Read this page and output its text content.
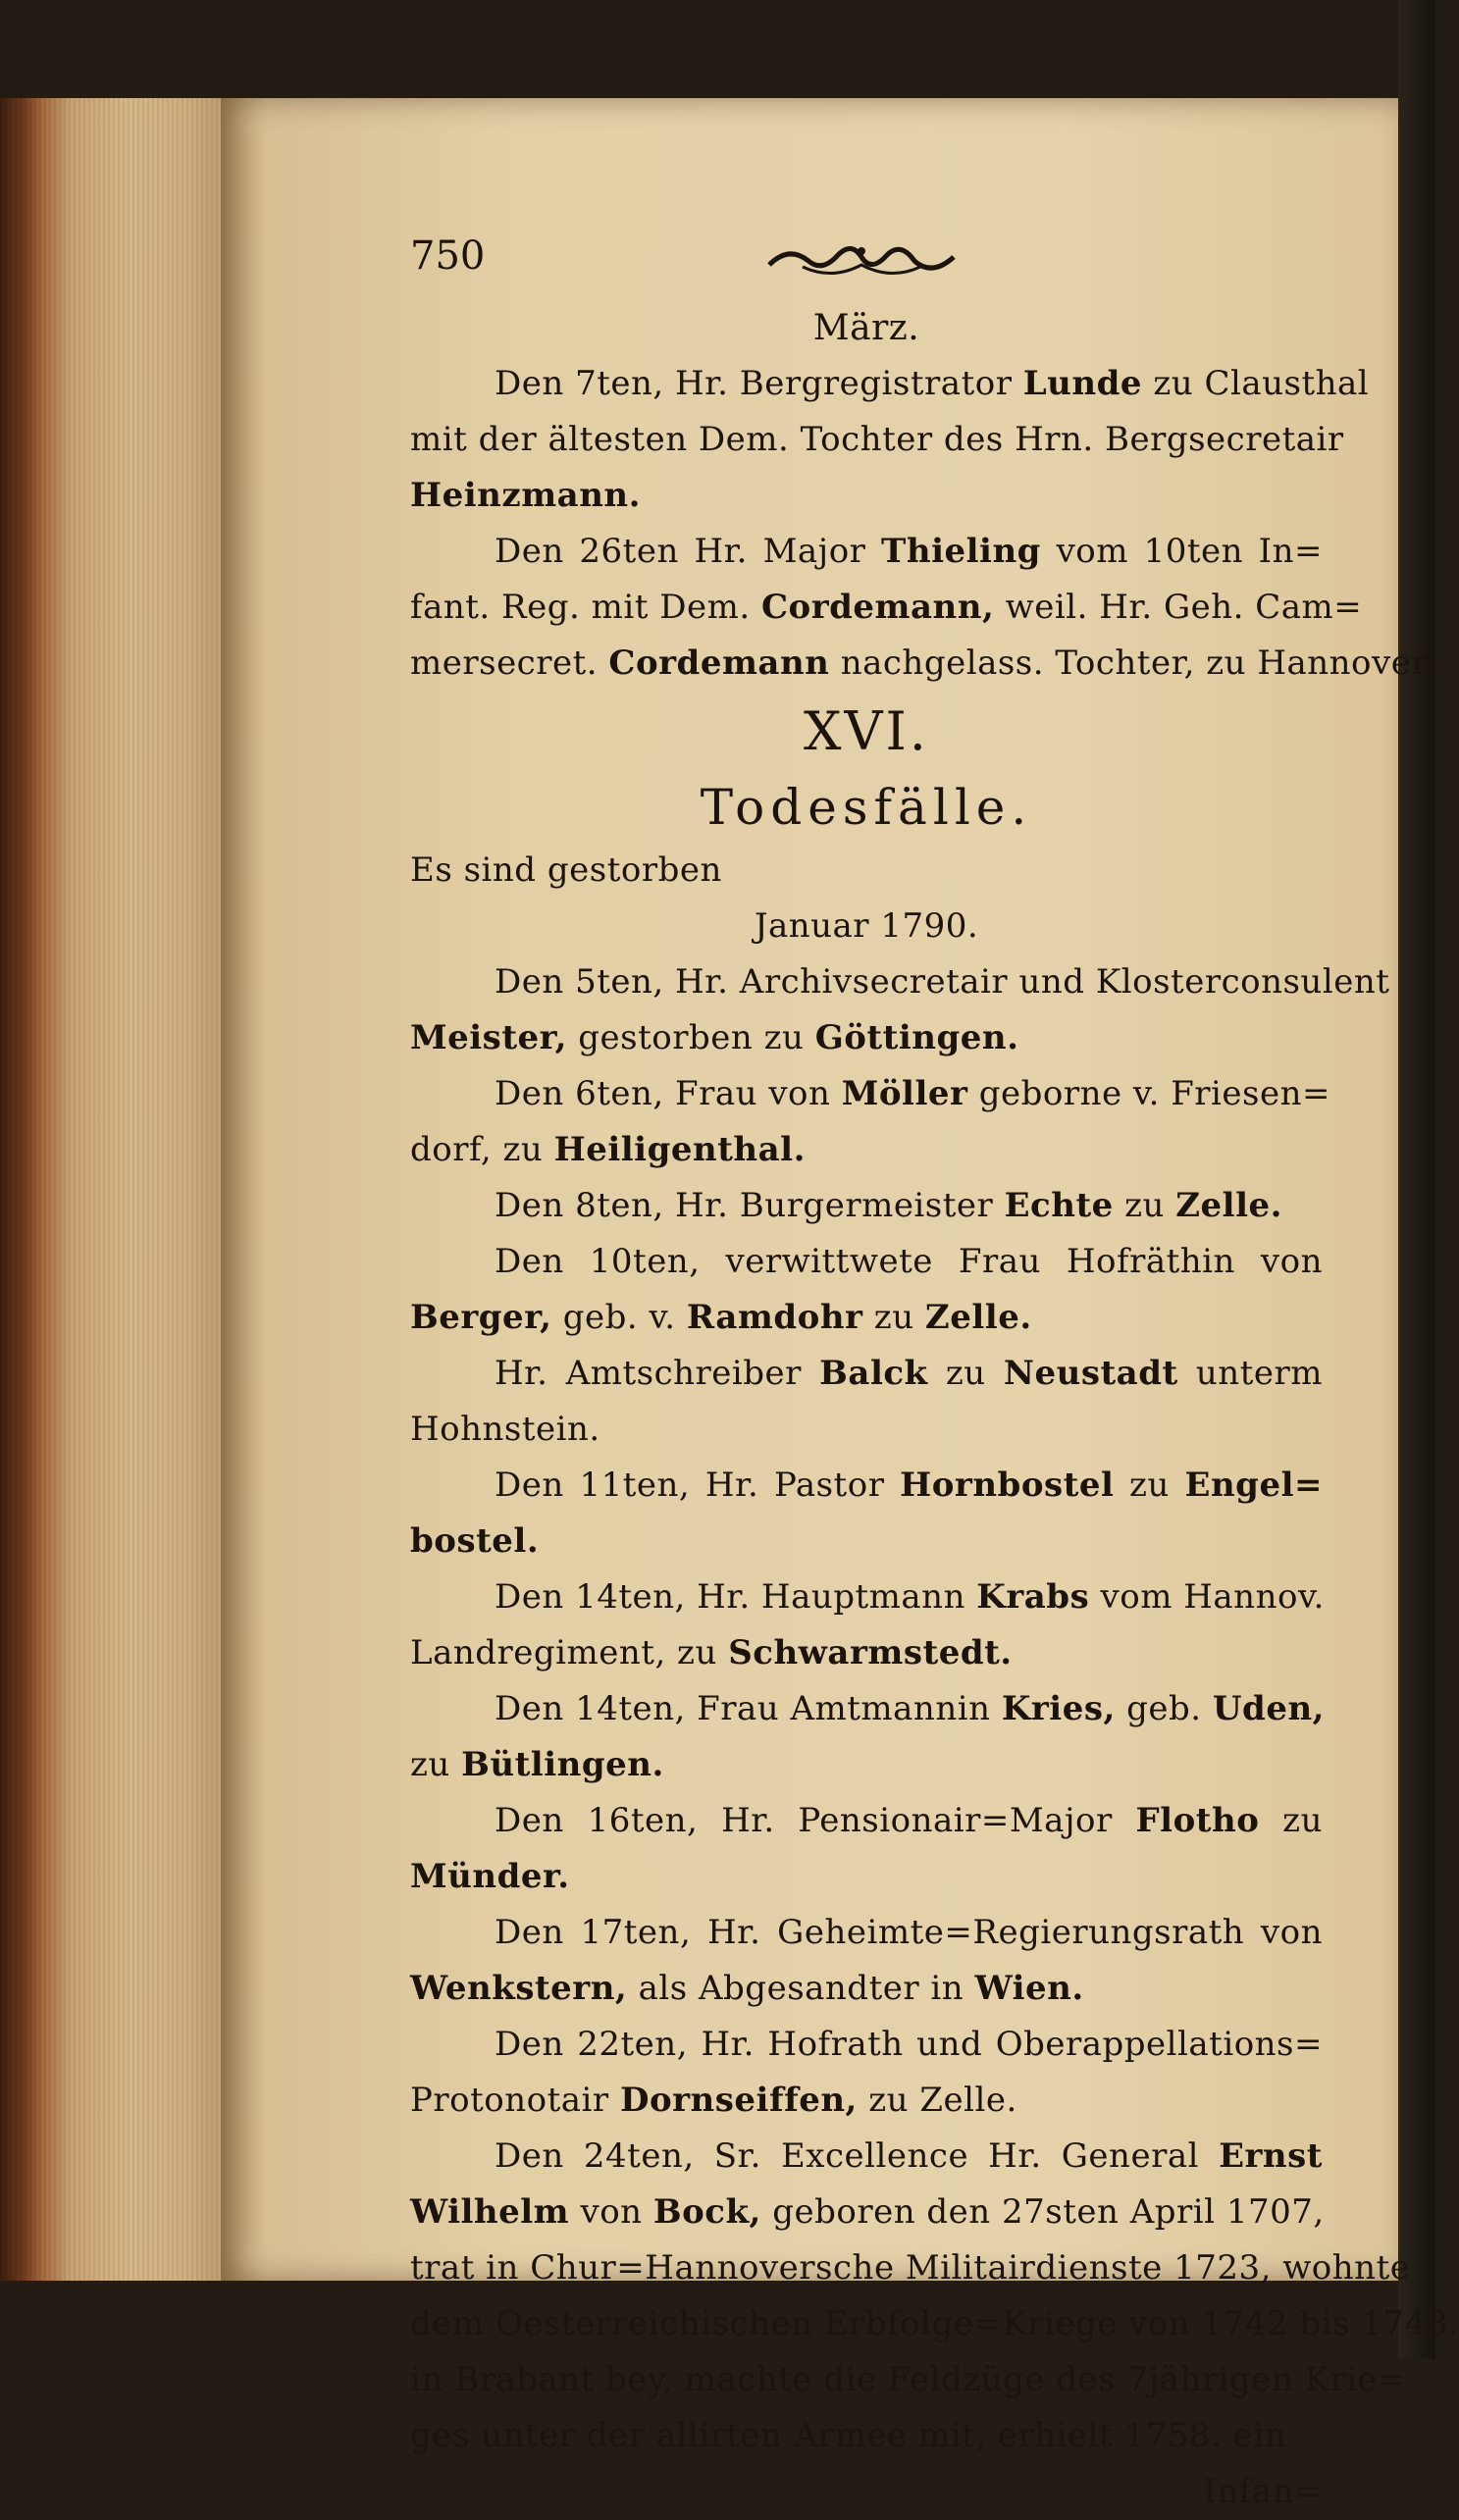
750
März.
Den 7ten, Hr. Bergregistrator Lunde zu Clausthal
mit der ältesten Dem. Tochter des Hrn. Bergsecretair
Heinzmann.
Den 26ten Hr. Major Thieling vom 10ten In=
fant. Reg. mit Dem. Cordemann, weil. Hr. Geh. Cam=
mersecret. Cordemann nachgelass. Tochter, zu Hannover.
XVI.
Todesfälle.
Es sind gestorben
Januar 1790.
Den 5ten, Hr. Archivsecretair und Klosterconsulent
Meister, gestorben zu Göttingen.
Den 6ten, Frau von Möller geborne v. Friesen=
dorf, zu Heiligenthal.
Den 8ten, Hr. Burgermeister Echte zu Zelle.
Den 10ten, verwittwete Frau Hofräthin von
Berger, geb. v. Ramdohr zu Zelle.
Hr. Amtschreiber Balck zu Neustadt unterm
Hohnstein.
Den 11ten, Hr. Pastor Hornbostel zu Engel=
bostel.
Den 14ten, Hr. Hauptmann Krabs vom Hannov.
Landregiment, zu Schwarmstedt.
Den 14ten, Frau Amtmannin Kries, geb. Uden,
zu Bütlingen.
Den 16ten, Hr. Pensionair=Major Flotho zu
Münder.
Den 17ten, Hr. Geheimte=Regierungsrath von
Wenkstern, als Abgesandter in Wien.
Den 22ten, Hr. Hofrath und Oberappellations=
Protonotair Dornseiffen, zu Zelle.
Den 24ten, Sr. Excellence Hr. General Ernst
Wilhelm von Bock, geboren den 27sten April 1707,
trat in Chur=Hannoversche Militairdienste 1723, wohnte
dem Oesterreichischen Erbfolge=Kriege von 1742 bis 1748.
in Brabant bey, machte die Feldzüge des 7jährigen Krie=
ges unter der allirten Armee mit, erhielt 1758. ein
Infan=
